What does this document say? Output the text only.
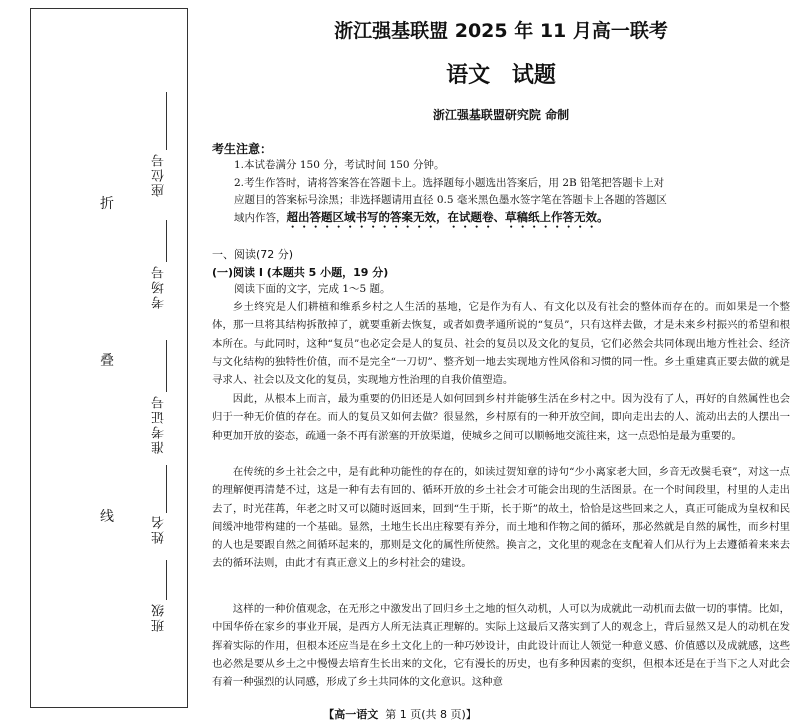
折
叠
线
座位号
考场号
准考证号
姓名
班级
浙江强基联盟 2025 年 11 月高一联考
语文 试题
浙江强基联盟研究院 命制
考生注意：
1.本试卷满分 150 分，考试时间 150 分钟。
2.考生作答时，请将答案答在答题卡上。选择题每小题选出答案后，用 2B 铅笔把答题卡上对应题目的答案标号涂黑；非选择题请用直径 0.5 毫米黑色墨水签字笔在答题卡上各题的答题区域内作答，超出答题区域书写的答案无效，在试题卷、草稿纸上作答无效。
一、阅读(72 分)
(一)阅读 I (本题共 5 小题，19 分)
阅读下面的文字，完成 1～5 题。

乡土终究是人们耕植和维系乡村之人生活的基地，它是作为有人、有文化以及有社会的整体而存在的。而如果是一个整体，那一旦将其结构拆散掉了，就要重新去恢复，或者如费孝通所说的“复员”，只有这样去做，才是未来乡村振兴的希望和根本所在。与此同时，这种“复员”也必定会是人的复员、社会的复员以及文化的复员，它们必然会共同体现出地方性社会、经济与文化结构的独特性价值，而不是完全“一刀切”、整齐划一地去实现地方性风俗和习惯的同一性。乡土重建真正要去做的就是寻求人、社会以及文化的复员，实现地方性治理的自我价值塑造。

因此，从根本上而言，最为重要的仍旧还是人如何回到乡村并能够生活在乡村之中。因为没有了人，再好的自然属性也会归于一种无价值的存在。而人的复员又如何去做？很显然，乡村原有的一种开放空间，即向走出去的人、流动出去的人摆出一种更加开放的姿态，疏通一条不再有淤塞的开放渠道，使城乡之间可以顺畅地交流往来，这一点恐怕是最为重要的。

在传统的乡土社会之中，是有此种功能性的存在的，如读过贺知章的诗句“少小离家老大回，乡音无改鬓毛衰”，对这一点的理解便再清楚不过，这是一种有去有回的、循环开放的乡土社会才可能会出现的生活图景。在一个时间段里，村里的人走出去了，时光荏苒，年老之时又可以随时返回来，回到“生于斯，长于斯”的故土，恰恰是这些回来之人，真正可能成为皇权和民间缓冲地带构建的一个基础。显然，土地生长出庄稼要有养分，而土地和作物之间的循环，那必然就是自然的属性，而乡村里的人也是要跟自然之间循环起来的，那则是文化的属性所使然。换言之，文化里的观念在支配着人们从行为上去遵循着来来去去的循环法则，由此才有真正意义上的乡村社会的建设。

这样的一种价值观念，在无形之中激发出了回归乡土之地的恒久动机，人可以为成就此一动机而去做一切的事情。比如，中国华侨在家乡的事业开展，是西方人所无法真正理解的。实际上这最后又落实到了人的观念上，背后显然又是人的动机在发挥着实际的作用，但根本还应当是在乡土文化上的一种巧妙设计，由此设计而让人领觉一种意义感、价值感以及成就感，这些也必然是要从乡土之中慢慢去培育生长出来的文化，它有漫长的历史，也有多种因素的变织，但根本还是在于当下之人对此会有着一种强烈的认同感，形成了乡土共同体的文化意识。这种意

【高一语文 第 1 页(共 8 页)】
